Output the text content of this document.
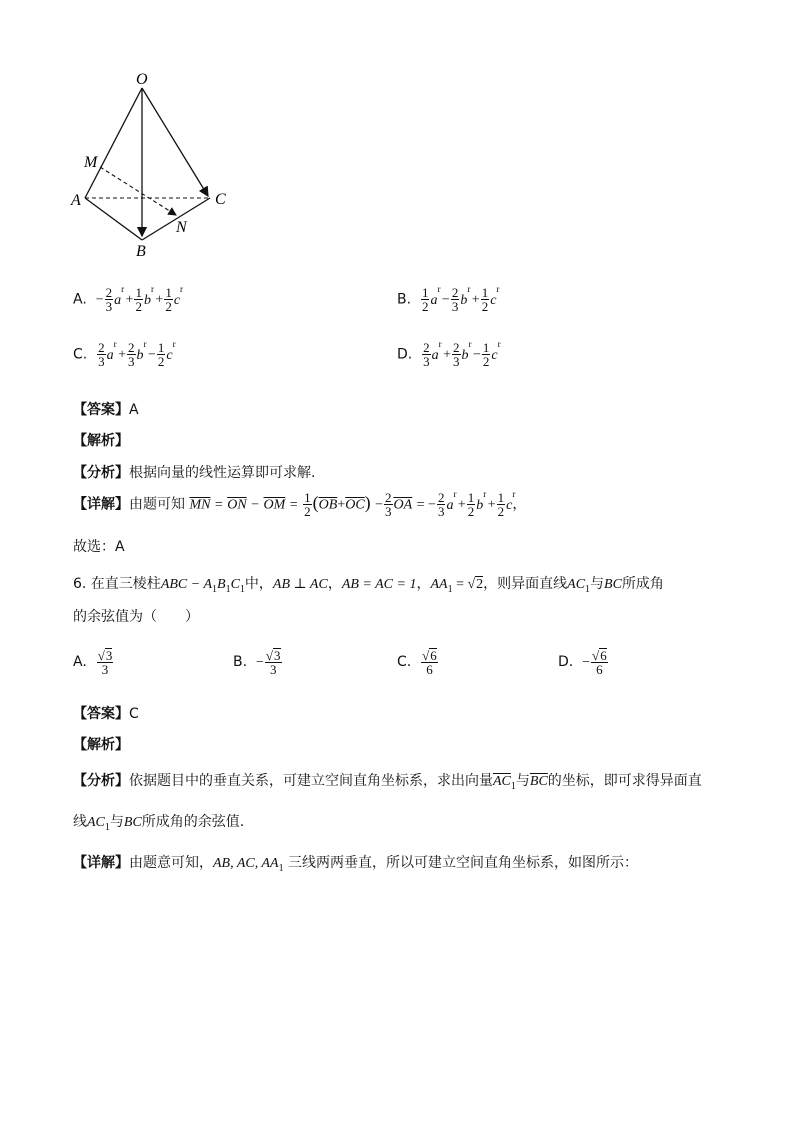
O
M
A	C
N
B
A. − $\frac{2}{3}$ a
r
+ $\frac{1}{2}$ b
r
+ $\frac{1}{2}$ c
r
B. $\frac{1}{2}$ a
r
− $\frac{2}{3}$ b
r
+ $\frac{1}{2}$ c
r
C. $\frac{2}{3}$ a
r
+ $\frac{2}{3}$ b
r
− $\frac{1}{2}$ c
r
D. $\frac{2}{3}$ a
r
+ $\frac{2}{3}$ b
r
− $\frac{1}{2}$ c
r
【答案】A
【解析】
【分析】根据向量的线性运算即可求解.
【详解】由题可知 $\overline{MN} = \overline{ON} - \overline{OM} = \frac{1}{2} (\overline{OB}+\overline{OC}) - \frac{2}{3} \overline{OA}$ = − $\frac{2}{3}$ a
r
+ $\frac{1}{2}$ b
r
+ $\frac{1}{2}$ c
r
，
故选：A
6. 在直三棱柱ABC − $A_1B_1C_1$中，AB ⊥ AC，AB = AC = 1，$AA_1 = √2$，则异面直线$AC_1$与BC所成角
的余弦值为（　　）
A. $\frac{√3}{3}$	B. − $\frac{√3}{3}$	C. $\frac{√6}{6}$	D. − $\frac{√6}{6}$
【答案】C
【解析】
【分析】依据题目中的垂直关系，可建立空间直角坐标系，求出向量$\overline{AC}_1$与$\overline{BC}$的坐标，即可求得异面直
线$AC_1$与BC所成角的余弦值.
【详解】由题意可知，AB, AC, $AA_1$ 三线两两垂直，所以可建立空间直角坐标系，如图所示：
